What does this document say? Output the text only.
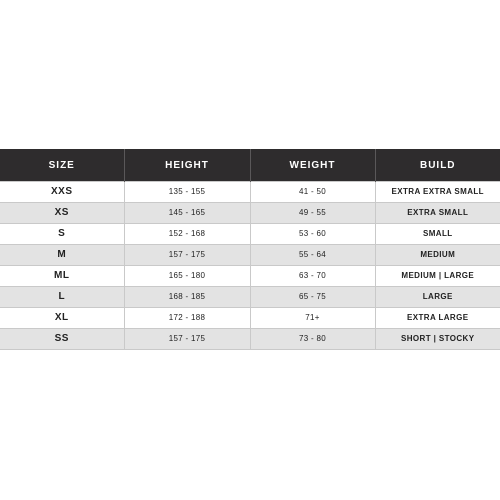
SIZE	HEIGHT	WEIGHT	BUILD
XXS	135 - 155	41 - 50	EXTRA EXTRA SMALL
XS	145 - 165	49 - 55	EXTRA SMALL
S	152 - 168	53 - 60	SMALL
M	157 - 175	55 - 64	MEDIUM
ML	165 - 180	63 - 70	MEDIUM | LARGE
L	168 - 185	65 - 75	LARGE
XL	172 - 188	71+	EXTRA LARGE
SS	157 - 175	73 - 80	SHORT | STOCKY
